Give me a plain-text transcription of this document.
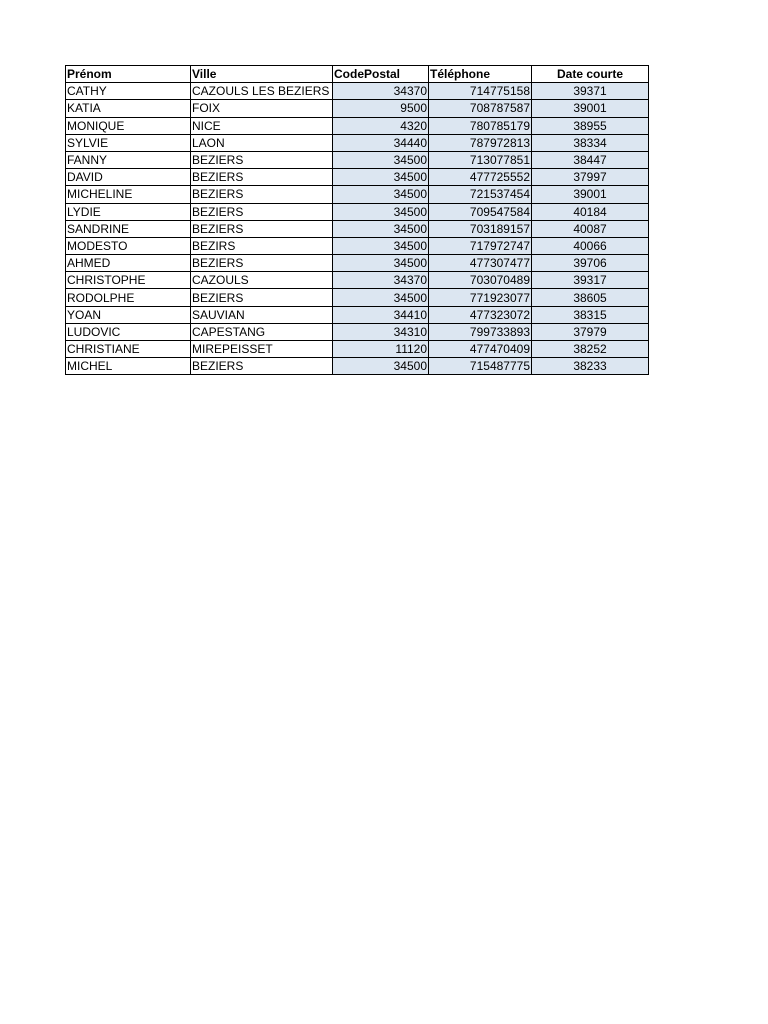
Prénom	Ville	CodePostal	Téléphone	Date courte
CATHY	CAZOULS LES BEZIERS	34370	714775158	39371
KATIA	FOIX	9500	708787587	39001
MONIQUE	NICE	4320	780785179	38955
SYLVIE	LAON	34440	787972813	38334
FANNY	BEZIERS	34500	713077851	38447
DAVID	BEZIERS	34500	477725552	37997
MICHELINE	BEZIERS	34500	721537454	39001
LYDIE	BEZIERS	34500	709547584	40184
SANDRINE	BEZIERS	34500	703189157	40087
MODESTO	BEZIRS	34500	717972747	40066
AHMED	BEZIERS	34500	477307477	39706
CHRISTOPHE	CAZOULS	34370	703070489	39317
RODOLPHE	BEZIERS	34500	771923077	38605
YOAN	SAUVIAN	34410	477323072	38315
LUDOVIC	CAPESTANG	34310	799733893	37979
CHRISTIANE	MIREPEISSET	11120	477470409	38252
MICHEL	BEZIERS	34500	715487775	38233
